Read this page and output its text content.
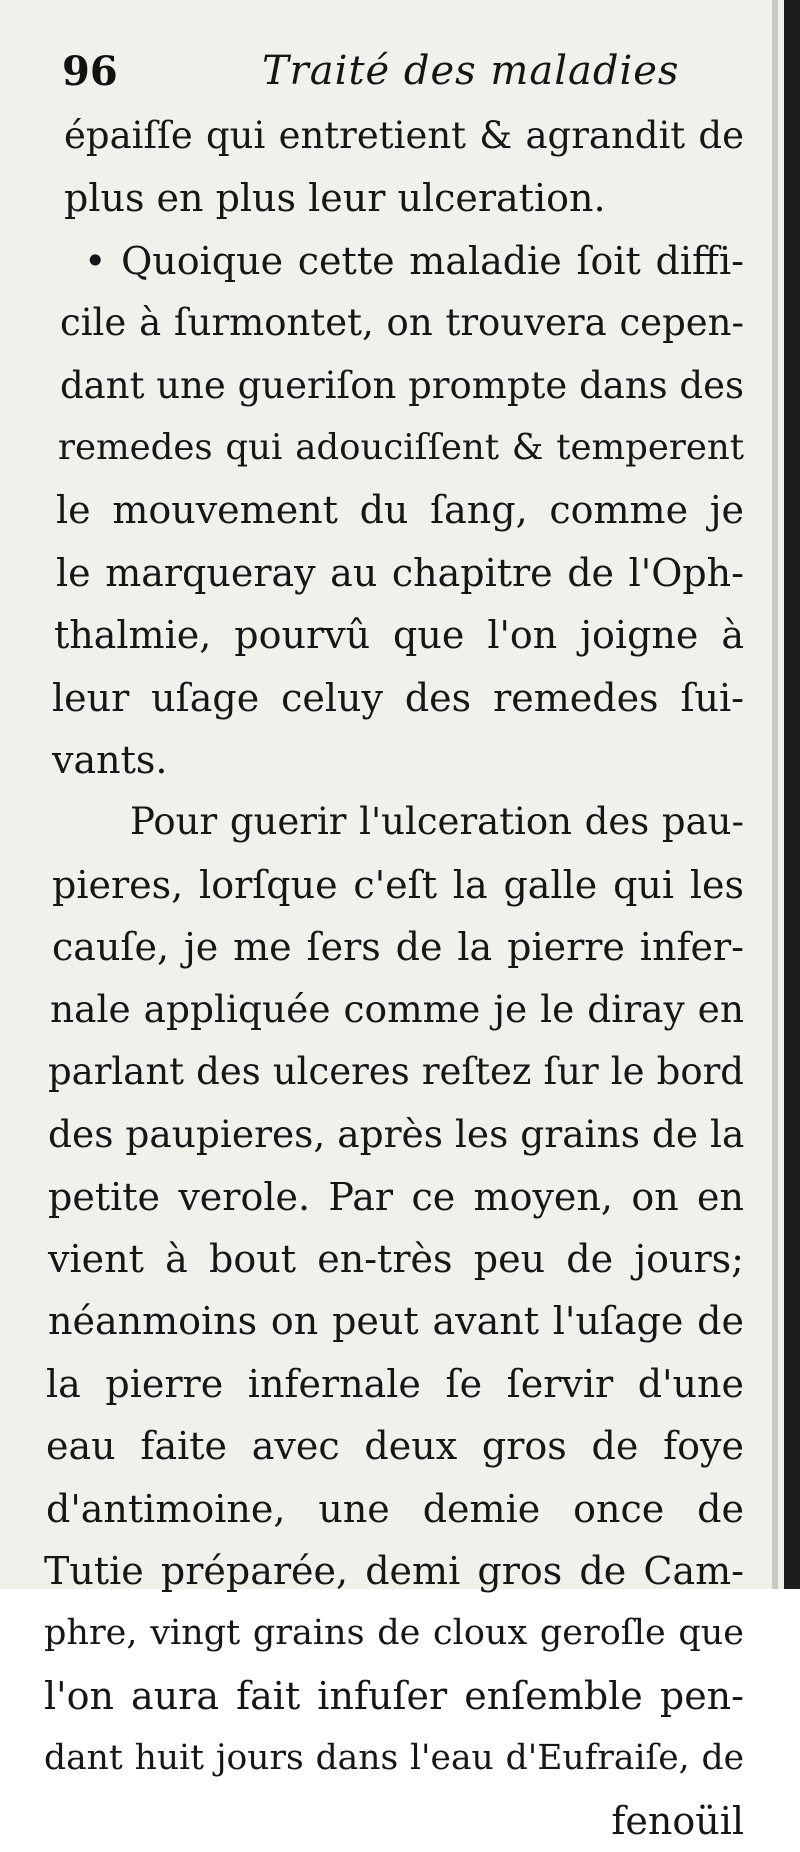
96	Traité des maladies
épaiſſe qui entretient & agrandit de
plus en plus leur ulceration.
• Quoique cette maladie ſoit diffi-
cile à ſurmontet, on trouvera cepen-
dant une gueriſon prompte dans des
remedes qui adouciſſent & temperent
le mouvement du ſang, comme je
le marqueray au chapitre de l'Oph-
thalmie, pourvû que l'on joigne à
leur uſage celuy des remedes ſui-
vants.
Pour guerir l'ulceration des pau-
pieres, lorſque c'eſt la galle qui les
cauſe, je me ſers de la pierre infer-
nale appliquée comme je le diray en
parlant des ulceres reſtez ſur le bord
des paupieres, après les grains de la
petite verole. Par ce moyen, on en
vient à bout en-très peu de jours;
néanmoins on peut avant l'uſage de
la pierre infernale ſe ſervir d'une
eau faite avec deux gros de foye
d'antimoine, une demie once de
Tutie préparée, demi gros de Cam-
phre, vingt grains de cloux geroſle que
l'on aura fait infuſer enſemble pen-
dant huit jours dans l'eau d'Eufraiſe, de
fenoüil
